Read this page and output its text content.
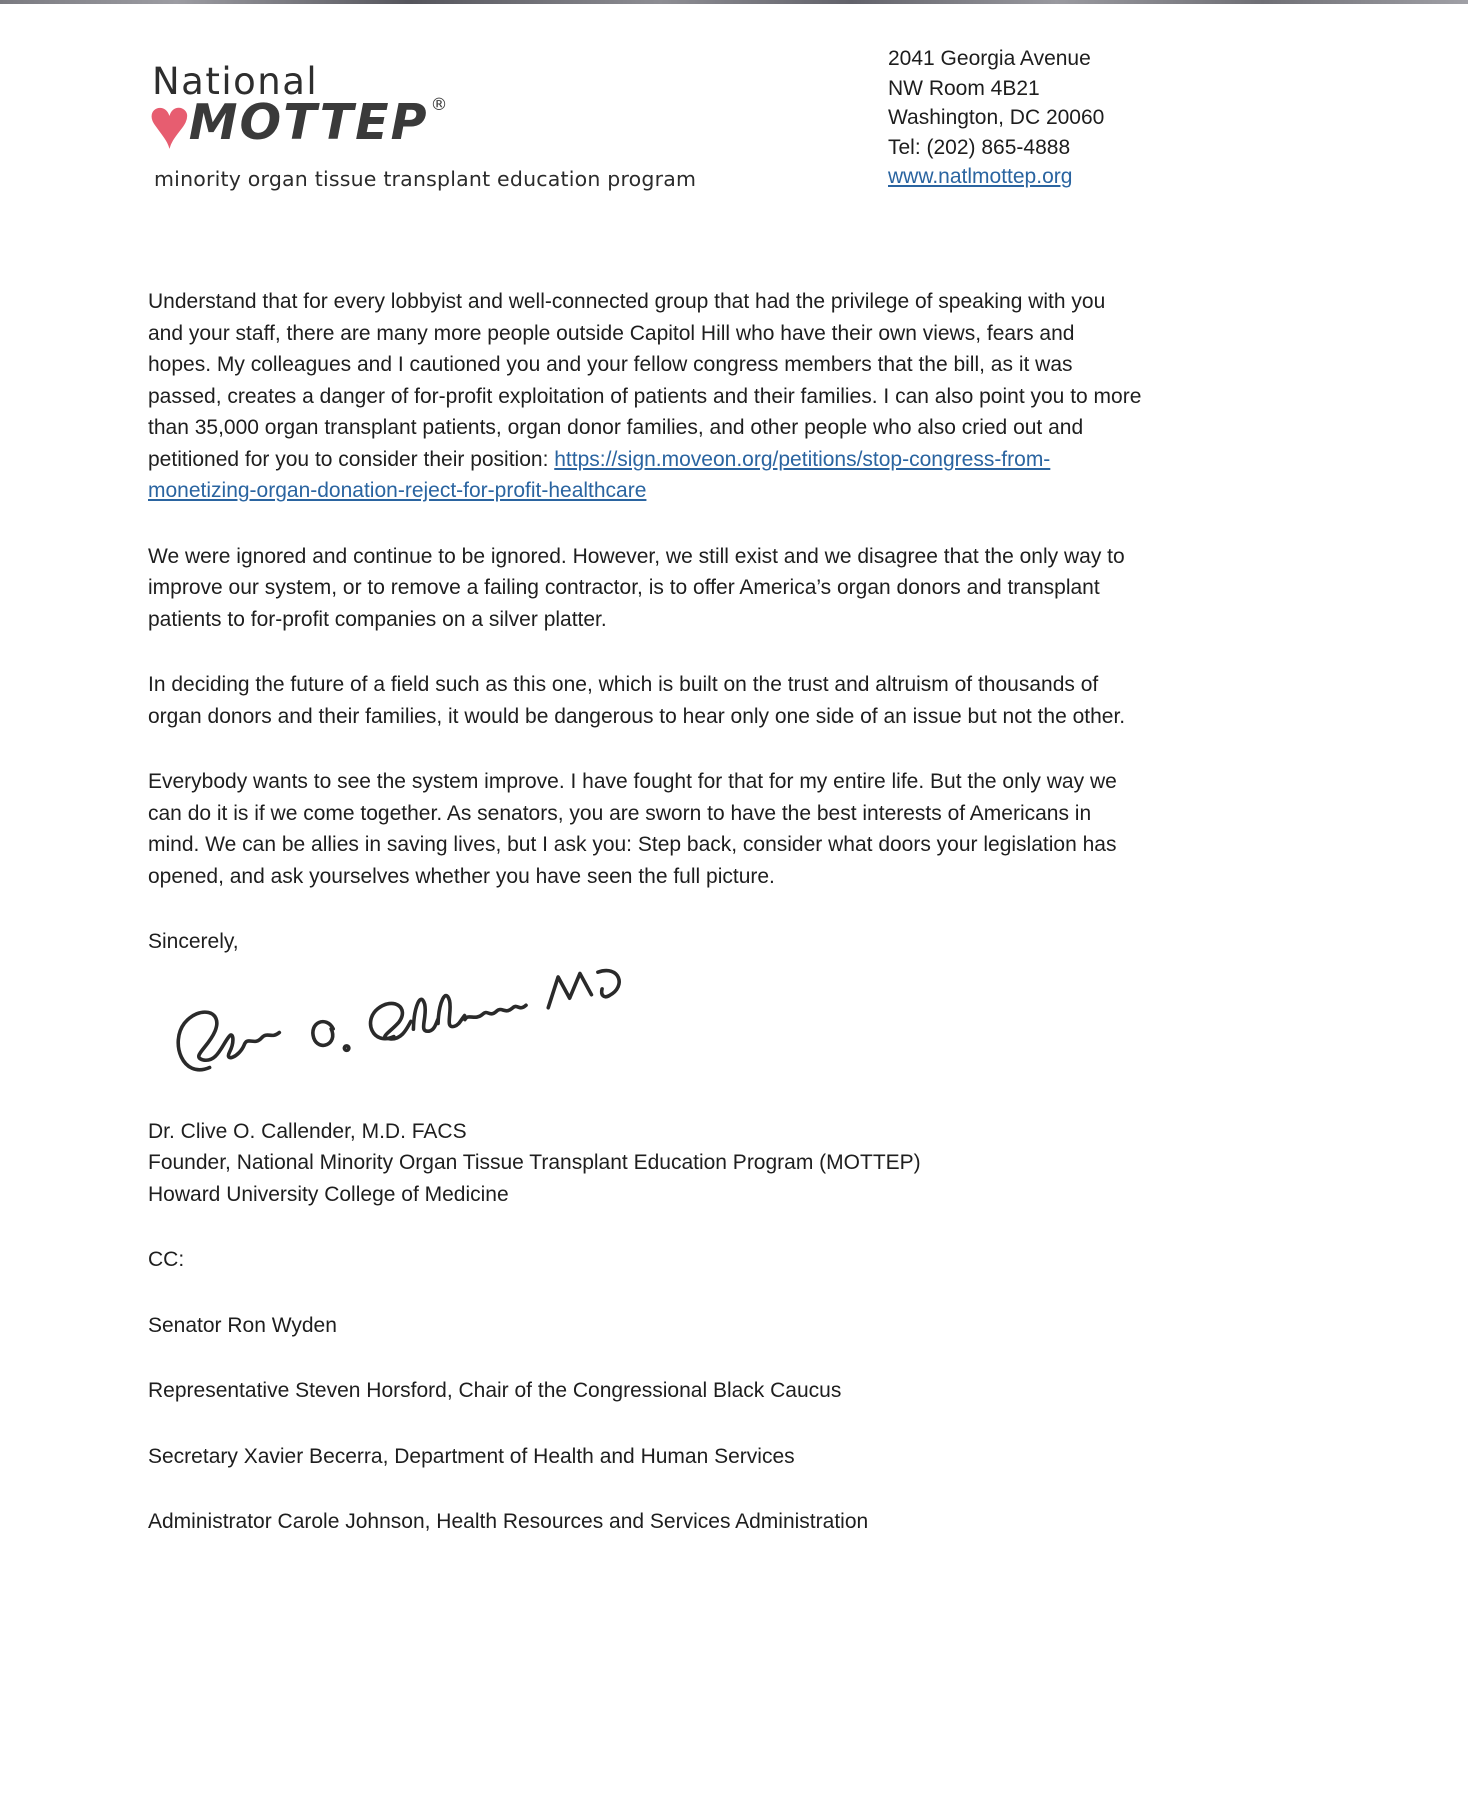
National
♥
MOTTEP ®
minority organ tissue transplant education program
2041 Georgia Avenue
NW Room 4B21
Washington, DC 20060
Tel: (202) 865-4888
www.natlmottep.org

Understand that for every lobbyist and well-connected group that had the privilege of speaking with you and your staff, there are many more people outside Capitol Hill who have their own views, fears and hopes. My colleagues and I cautioned you and your fellow congress members that the bill, as it was passed, creates a danger of for-profit exploitation of patients and their families. I can also point you to more than 35,000 organ transplant patients, organ donor families, and other people who also cried out and petitioned for you to consider their position: https://sign.moveon.org/petitions/stop-congress-from-monetizing-organ-donation-reject-for-profit-healthcare

We were ignored and continue to be ignored. However, we still exist and we disagree that the only way to improve our system, or to remove a failing contractor, is to offer America’s organ donors and transplant patients to for-profit companies on a silver platter.

In deciding the future of a field such as this one, which is built on the trust and altruism of thousands of organ donors and their families, it would be dangerous to hear only one side of an issue but not the other.

Everybody wants to see the system improve. I have fought for that for my entire life. But the only way we can do it is if we come together. As senators, you are sworn to have the best interests of Americans in mind. We can be allies in saving lives, but I ask you: Step back, consider what doors your legislation has opened, and ask yourselves whether you have seen the full picture.

Sincerely,

Dr. Clive O. Callender, M.D. FACS
Founder, National Minority Organ Tissue Transplant Education Program (MOTTEP)
Howard University College of Medicine
CC:
Senator Ron Wyden
Representative Steven Horsford, Chair of the Congressional Black Caucus
Secretary Xavier Becerra, Department of Health and Human Services
Administrator Carole Johnson, Health Resources and Services Administration
